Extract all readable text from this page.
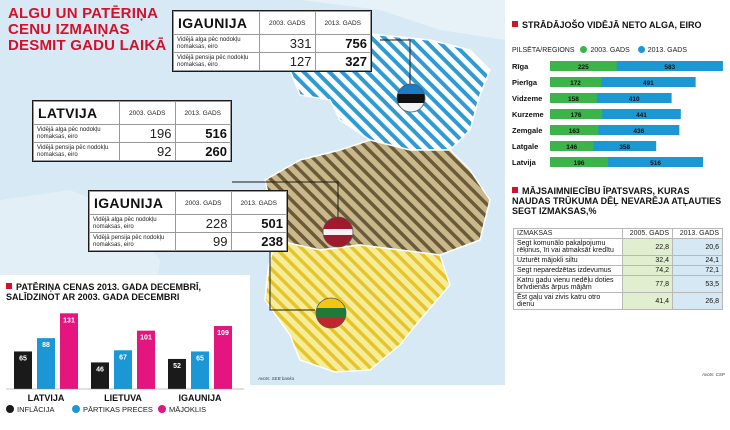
ALGU UN PATĒRIŅA
CENU IZMAIŅAS
DESMIT GADU LAIKĀ
IGAUNIJA	2003. GADS	2013. GADS
Vidējā alga pēc nodokļu nomaksas, eiro	331	756
Vidējā pensija pēc nodokļu nomaksas, eiro	127	327
LATVIJA	2003. GADS	2013. GADS
Vidējā alga pēc nodokļu nomaksas, eiro	196	516
Vidējā pensija pēc nodokļu nomaksas, eiro	92	260
IGAUNIJA	2003. GADS	2013. GADS
Vidējā alga pēc nodokļu nomaksas, eiro	228	501
Vidējā pensija pēc nodokļu nomaksas, eiro	99	238
Avots: SEB banka
PATĒRIŅA CENAS 2013. GADA DECEMBRĪ, SALĪDZINOT AR 2003. GADA DECEMBRI
65
88
131
LATVIJA
46
67
101
LIETUVA
52
65
109
IGAUNIJA
INFLĀCIJA	PĀRTIKAS PRECES MĀJOKLIS
STRĀDĀJOŠO VIDĒJĀ NETO ALGA, EIRO
PILSĒTA/REGIONS 2003. GADS	2013. GADS
Rīga	225	583
Pierīga	172	491
Vidzeme	158	410
Kurzeme	176	441
Zemgale	163	436
Latgale	146	358
Latvija	196	516
MĀJSAIMNIECĪBU ĪPATSVARS, KURAS NAUDAS TRŪKUMA DĒĻ NEVARĒJA ATĻAUTIES SEGT IZMAKSAS,%
IZMAKSAS	2005. GADS	2013. GADS
Segt komunālo pakalpojumu rēķinus, īri vai atmaksāt kredītu	22,8	20,6
Uzturēt mājokli siltu	32,4	24,1
Segt neparedzētas izdevumus	74,2	72,1
Katru gadu vienu nedēļu doties brīvdienās ārpus mājām	77,8	53,5
Ēst gaļu vai zivis katru otro dienu	41,4	26,8
Avots: CSP
